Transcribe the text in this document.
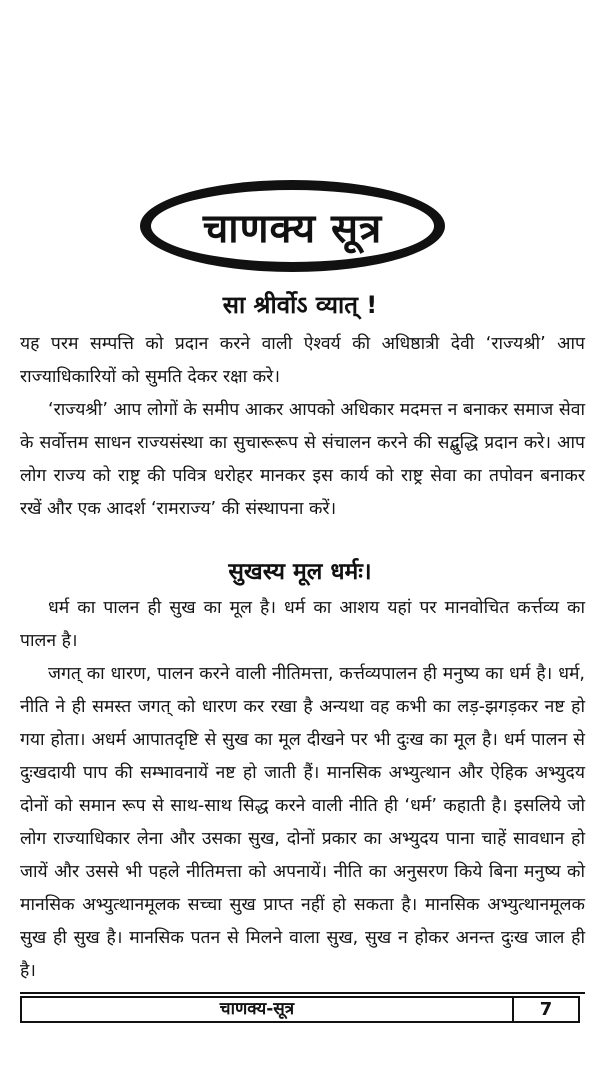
चाणक्य सूत्र
सा श्रीर्वोऽ व्यात् !

यह परम सम्पत्ति को प्रदान करने वाली ऐश्वर्य की अधिष्ठात्री देवी ‘राज्यश्री’ आप राज्याधिकारियों को सुमति देकर रक्षा करे।

‘राज्यश्री’ आप लोगों के समीप आकर आपको अधिकार मदमत्त न बनाकर समाज सेवा के सर्वोत्तम साधन राज्यसंस्था का सुचारूरूप से संचालन करने की सद्बुद्धि प्रदान करे। आप लोग राज्य को राष्ट्र की पवित्र धरोहर मानकर इस कार्य को राष्ट्र सेवा का तपोवन बनाकर रखें और एक आदर्श ‘रामराज्य’ की संस्थापना करें।

सुखस्य मूल धर्मः।

धर्म का पालन ही सुख का मूल है। धर्म का आशय यहां पर मानवोचित कर्त्तव्य का पालन है।

जगत् का धारण, पालन करने वाली नीतिमत्ता, कर्त्तव्यपालन ही मनुष्य का धर्म है। धर्म, नीति ने ही समस्त जगत् को धारण कर रखा है अन्यथा वह कभी का लड़-झगड़कर नष्ट हो गया होता। अधर्म आपातदृष्टि से सुख का मूल दीखने पर भी दुःख का मूल है। धर्म पालन से दुःखदायी पाप की सम्भावनायें नष्ट हो जाती हैं। मानसिक अभ्युत्थान और ऐहिक अभ्युदय दोनों को समान रूप से साथ-साथ सिद्ध करने वाली नीति ही ‘धर्म’ कहाती है। इसलिये जो लोग राज्याधिकार लेना और उसका सुख, दोनों प्रकार का अभ्युदय पाना चाहें सावधान हो जायें और उससे भी पहले नीतिमत्ता को अपनायें। नीति का अनुसरण किये बिना मनुष्य को मानसिक अभ्युत्थानमूलक सच्चा सुख प्राप्त नहीं हो सकता है। मानसिक अभ्युत्थानमूलक सुख ही सुख है। मानसिक पतन से मिलने वाला सुख, सुख न होकर अनन्त दुःख जाल ही है।

चाणक्य-सूत्र	7
